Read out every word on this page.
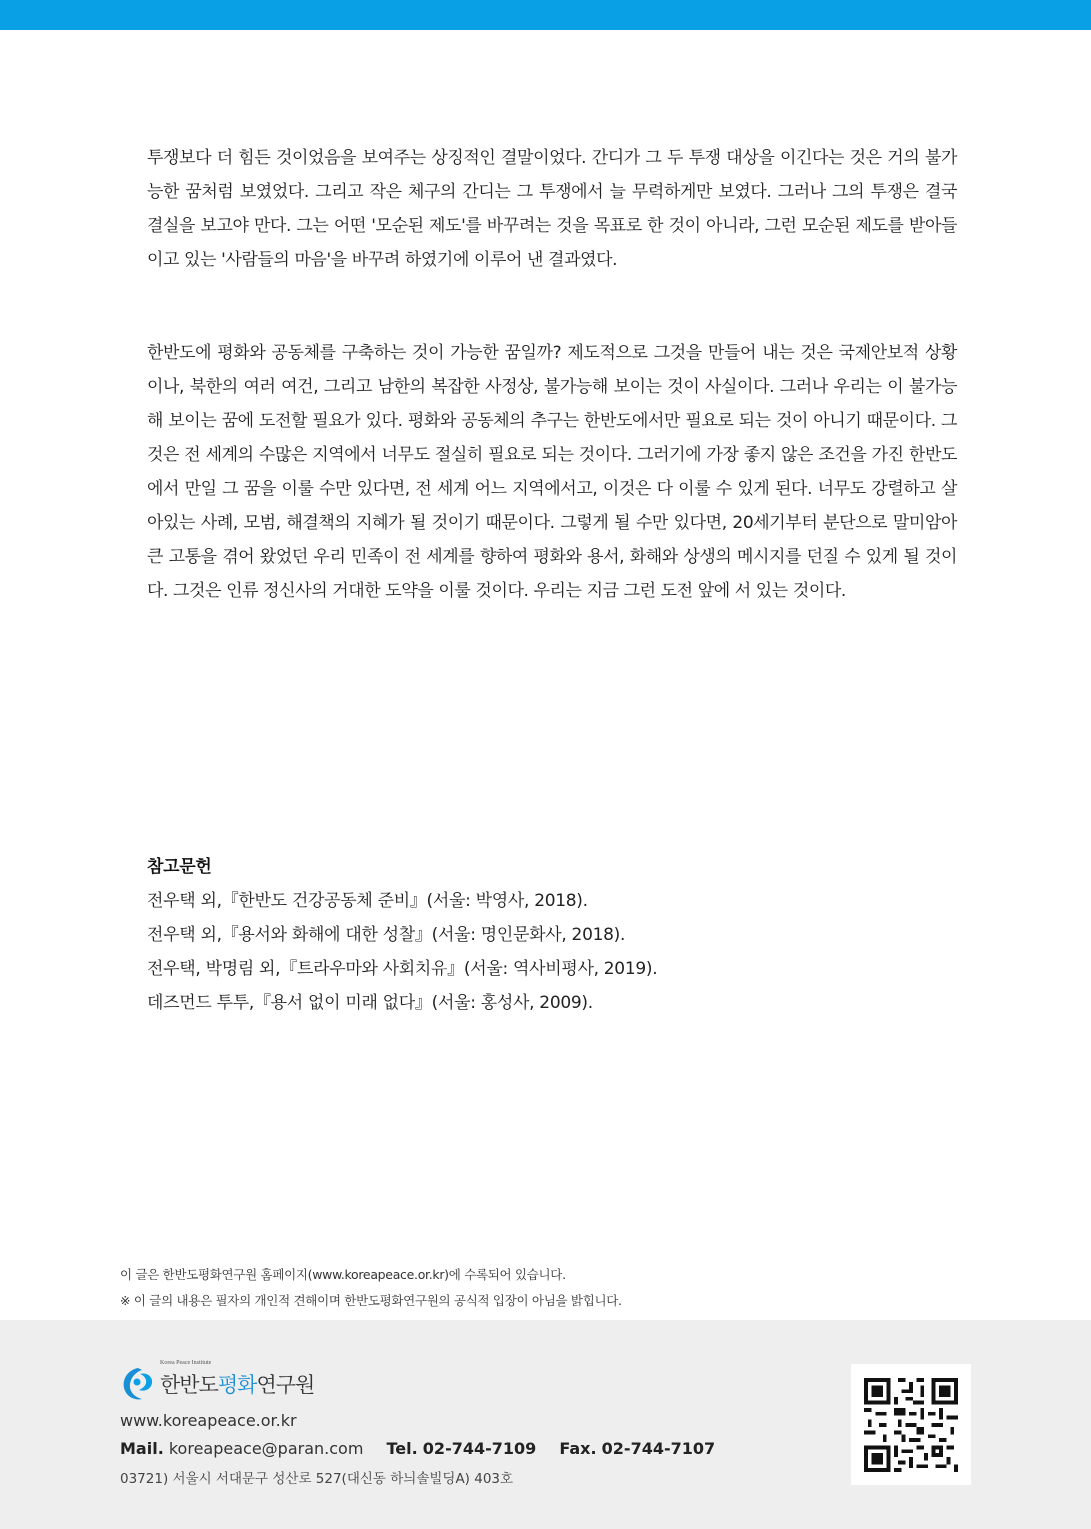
투쟁보다 더 힘든 것이었음을 보여주는 상징적인 결말이었다. 간디가 그 두 투쟁 대상을 이긴다는 것은 거의 불가능한 꿈처럼 보였었다. 그리고 작은 체구의 간디는 그 투쟁에서 늘 무력하게만 보였다. 그러나 그의 투쟁은 결국 결실을 보고야 만다. 그는 어떤 '모순된 제도'를 바꾸려는 것을 목표로 한 것이 아니라, 그런 모순된 제도를 받아들이고 있는 '사람들의 마음'을 바꾸려 하였기에 이루어 낸 결과였다.

한반도에 평화와 공동체를 구축하는 것이 가능한 꿈일까? 제도적으로 그것을 만들어 내는 것은 국제안보적 상황이나, 북한의 여러 여건, 그리고 남한의 복잡한 사정상, 불가능해 보이는 것이 사실이다. 그러나 우리는 이 불가능해 보이는 꿈에 도전할 필요가 있다. 평화와 공동체의 추구는 한반도에서만 필요로 되는 것이 아니기 때문이다. 그것은 전 세계의 수많은 지역에서 너무도 절실히 필요로 되는 것이다. 그러기에 가장 좋지 않은 조건을 가진 한반도에서 만일 그 꿈을 이룰 수만 있다면, 전 세계 어느 지역에서고, 이것은 다 이룰 수 있게 된다. 너무도 강렬하고 살아있는 사례, 모범, 해결책의 지혜가 될 것이기 때문이다. 그렇게 될 수만 있다면, 20세기부터 분단으로 말미암아 큰 고통을 겪어 왔었던 우리 민족이 전 세계를 향하여 평화와 용서, 화해와 상생의 메시지를 던질 수 있게 될 것이다. 그것은 인류 정신사의 거대한 도약을 이룰 것이다. 우리는 지금 그런 도전 앞에 서 있는 것이다.

참고문헌
전우택 외,『한반도 건강공동체 준비』(서울: 박영사, 2018).
전우택 외,『용서와 화해에 대한 성찰』(서울: 명인문화사, 2018).
전우택, 박명림 외,『트라우마와 사회치유』(서울: 역사비평사, 2019).
데즈먼드 투투,『용서 없이 미래 없다』(서울: 홍성사, 2009).
이 글은 한반도평화연구원 홈페이지(www.koreapeace.or.kr)에 수록되어 있습니다.
※ 이 글의 내용은 필자의 개인적 견해이며 한반도평화연구원의 공식적 입장이 아님을 밝힙니다.
Korea Peace Institute
한반도평화연구원
www.koreapeace.or.kr
Mail. koreapeace@paran.com Tel. 02-744-7109 Fax. 02-744-7107
03721) 서울시 서대문구 성산로 527(대신동 하늬솔빌딩A) 403호
